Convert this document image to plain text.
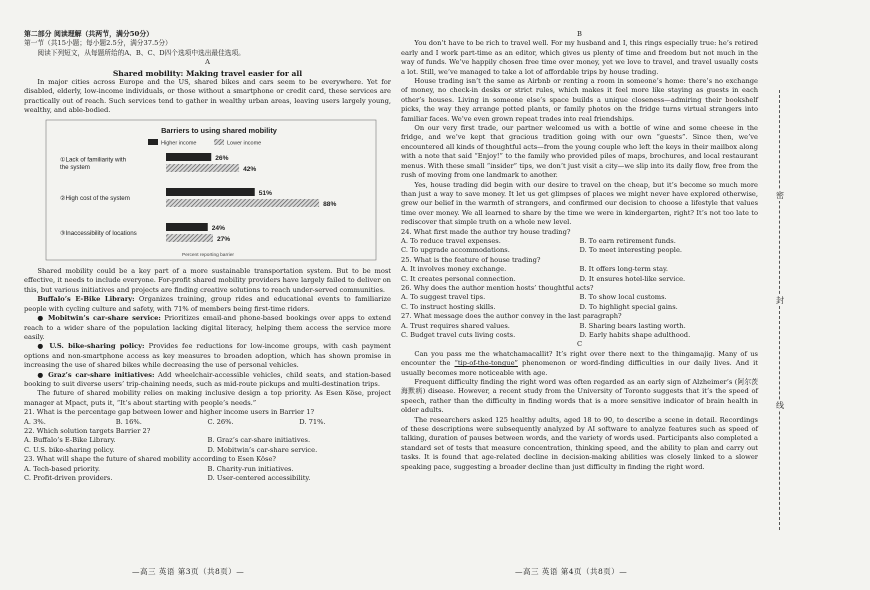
第二部分 阅读理解（共两节，满分50分）

第一节（共15小题；每小题2.5分，满分37.5分）

阅读下列短文，从每题所给的A、B、C、D四个选项中选出最佳选项。

A

Shared mobility: Making travel easier for all

In major cities across Europe and the US, shared bikes and cars seem to be everywhere. Yet for disabled, elderly, low-income individuals, or those without a smartphone or credit card, these services are practically out of reach. Such services tend to gather in wealthy urban areas, leaving users largely young, wealthy, and able-bodied.

Barriers to using shared mobility
Higher income	Lower income
①Lack of familiarity with
the system
26%
42%
②High cost of the system
51%
88%
③Inaccessibility of locations
24%
27%
Percent reporting barrier

Shared mobility could be a key part of a more sustainable transportation system. But to be most effective, it needs to include everyone. For-profit shared mobility providers have largely failed to deliver on this, but various initiatives and projects are finding creative solutions to reach under-served communities.

Buffalo’s E-Bike Library: Organizes training, group rides and educational events to familiarize people with cycling culture and safety, with 71% of members being first-time riders.

● Mobitwin’s car-share service: Prioritizes email-and phone-based bookings over apps to extend reach to a wider share of the population lacking digital literacy, helping them access the service more easily.

● U.S. bike-sharing policy: Provides fee reductions for low-income groups, with cash payment options and non-smartphone access as key measures to broaden adoption, which has shown promise in increasing the use of shared bikes while decreasing the use of personal vehicles.

● Graz’s car-share initiatives: Add wheelchair-accessible vehicles, child seats, and station-based booking to suit diverse users’ trip-chaining needs, such as mid-route pickups and multi-destination trips.

The future of shared mobility relies on making inclusive design a top priority. As Esen Köse, project manager at Mpact, puts it, “It’s about starting with people’s needs.”

21. What is the percentage gap between lower and higher income users in Barrier 1?

A. 3%.	B. 16%.	C. 26%.	D. 71%.

22. Which solution targets Barrier 2?

A. Buffalo’s E-Bike Library.	B. Graz’s car-share initiatives.
C. U.S. bike-sharing policy.	D. Mobitwin’s car-share service.

23. What will shape the future of shared mobility according to Esen Köse?

A. Tech-based priority.	B. Charity-run initiatives.
C. Profit-driven providers.	D. User-centered accessibility.
—高三 英语 第3页（共8页）—

B

You don’t have to be rich to travel well. For my husband and I, this rings especially true: he’s retired early and I work part-time as an editor, which gives us plenty of time and freedom but not much in the way of funds. We’ve happily chosen free time over money, yet we love to travel, and travel usually costs a lot. Still, we’ve managed to take a lot of affordable trips by house trading.

House trading isn’t the same as Airbnb or renting a room in someone’s home: there’s no exchange of money, no check-in desks or strict rules, which makes it feel more like staying as guests in each other’s houses. Living in someone else’s space builds a unique closeness—admiring their bookshelf picks, the way they arrange potted plants, or family photos on the fridge turns virtual strangers into familiar faces. We’ve even grown repeat trades into real friendships.

On our very first trade, our partner welcomed us with a bottle of wine and some cheese in the fridge, and we’ve kept that gracious tradition going with our own “guests”. Since then, we’ve encountered all kinds of thoughtful acts—from the young couple who left the keys in their mailbox along with a note that said “Enjoy!” to the family who provided piles of maps, brochures, and local restaurant menus. With these small “insider” tips, we don’t just visit a city—we slip into its daily flow, free from the rush of moving from one landmark to another.

Yes, house trading did begin with our desire to travel on the cheap, but it’s become so much more than just a way to save money. It let us get glimpses of places we might never have explored otherwise, grew our belief in the warmth of strangers, and confirmed our decision to choose a lifestyle that values time over money. We all learned to share by the time we were in kindergarten, right? It’s not too late to rediscover that simple truth on a whole new level.

24. What first made the author try house trading?

A. To reduce travel expenses.	B. To earn retirement funds.
C. To upgrade accommodations.	D. To meet interesting people.

25. What is the feature of house trading?

A. It involves money exchange.	B. It offers long-term stay.
C. It creates personal connection.	D. It ensures hotel-like service.

26. Why does the author mention hosts’ thoughtful acts?

A. To suggest travel tips.	B. To show local customs.
C. To instruct hosting skills.	D. To highlight special gains.

27. What message does the author convey in the last paragraph?

A. Trust requires shared values.	B. Sharing bears lasting worth.
C. Budget travel cuts living costs.	D. Early habits shape adulthood.

C

Can you pass me the whatchamacallit? It’s right over there next to the thingamajig. Many of us encounter the “tip-of-the-tongue” phenomenon or word-finding difficulties in our daily lives. And it usually becomes more noticeable with age.

Frequent difficulty finding the right word was often regarded as an early sign of Alzheimer’s (阿尔茨海默病) disease. However, a recent study from the University of Toronto suggests that it’s the speed of speech, rather than the difficulty in finding words that is a more sensitive indicator of brain health in older adults.

The researchers asked 125 healthy adults, aged 18 to 90, to describe a scene in detail. Recordings of these descriptions were subsequently analyzed by AI software to analyze features such as speed of talking, duration of pauses between words, and the variety of words used. Participants also completed a standard set of tests that measure concentration, thinking speed, and the ability to plan and carry out tasks. It is found that age-related decline in decision-making abilities was closely linked to a slower speaking pace, suggesting a broader decline than just difficulty in finding the right word.

—高三 英语 第4页（共8页）—
密
封
线
